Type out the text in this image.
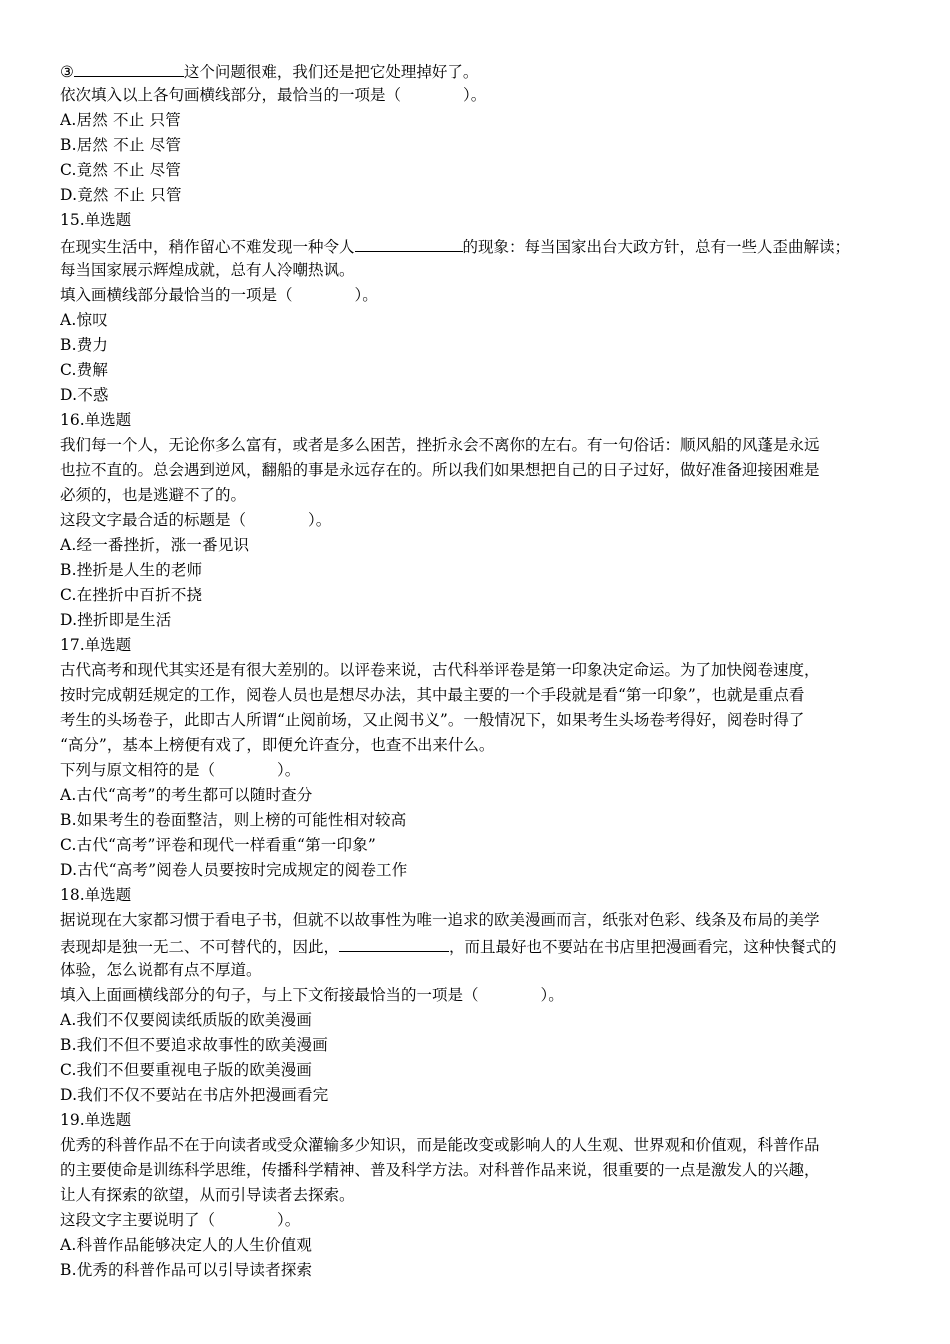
③	这个问题很难，我们还是把它处理掉好了。
依次填入以上各句画横线部分，最恰当的一项是（	）。
A.居然 不止 只管
B.居然 不止 尽管
C.竟然 不止 尽管
D.竟然 不止 只管
15.单选题
在现实生活中，稍作留心不难发现一种令人	的现象：每当国家出台大政方针，总有一些人歪曲解读；
每当国家展示辉煌成就，总有人冷嘲热讽。
填入画横线部分最恰当的一项是（	）。
A.惊叹
B.费力
C.费解
D.不惑
16.单选题
我们每一个人，无论你多么富有，或者是多么困苦，挫折永会不离你的左右。有一句俗话：顺风船的风蓬是永远
也拉不直的。总会遇到逆风，翻船的事是永远存在的。所以我们如果想把自己的日子过好，做好准备迎接困难是
必须的，也是逃避不了的。
这段文字最合适的标题是（	）。
A.经一番挫折，涨一番见识
B.挫折是人生的老师
C.在挫折中百折不挠
D.挫折即是生活
17.单选题
古代高考和现代其实还是有很大差别的。以评卷来说，古代科举评卷是第一印象决定命运。为了加快阅卷速度，
按时完成朝廷规定的工作，阅卷人员也是想尽办法，其中最主要的一个手段就是看“第一印象”，也就是重点看
考生的头场卷子，此即古人所谓“止阅前场，又止阅书义”。一般情况下，如果考生头场卷考得好，阅卷时得了
“高分”，基本上榜便有戏了，即便允许查分，也查不出来什么。
下列与原文相符的是（	）。
A.古代“高考”的考生都可以随时查分
B.如果考生的卷面整洁，则上榜的可能性相对较高
C.古代“高考”评卷和现代一样看重“第一印象”
D.古代“高考”阅卷人员要按时完成规定的阅卷工作
18.单选题
据说现在大家都习惯于看电子书，但就不以故事性为唯一追求的欧美漫画而言，纸张对色彩、线条及布局的美学
表现却是独一无二、不可替代的，因此，	，而且最好也不要站在书店里把漫画看完，这种快餐式的
体验，怎么说都有点不厚道。
填入上面画横线部分的句子，与上下文衔接最恰当的一项是（	）。
A.我们不仅要阅读纸质版的欧美漫画
B.我们不但不要追求故事性的欧美漫画
C.我们不但要重视电子版的欧美漫画
D.我们不仅不要站在书店外把漫画看完
19.单选题
优秀的科普作品不在于向读者或受众灌输多少知识，而是能改变或影响人的人生观、世界观和价值观，科普作品
的主要使命是训练科学思维，传播科学精神、普及科学方法。对科普作品来说，很重要的一点是激发人的兴趣，
让人有探索的欲望，从而引导读者去探索。
这段文字主要说明了（	）。
A.科普作品能够决定人的人生价值观
B.优秀的科普作品可以引导读者探索
